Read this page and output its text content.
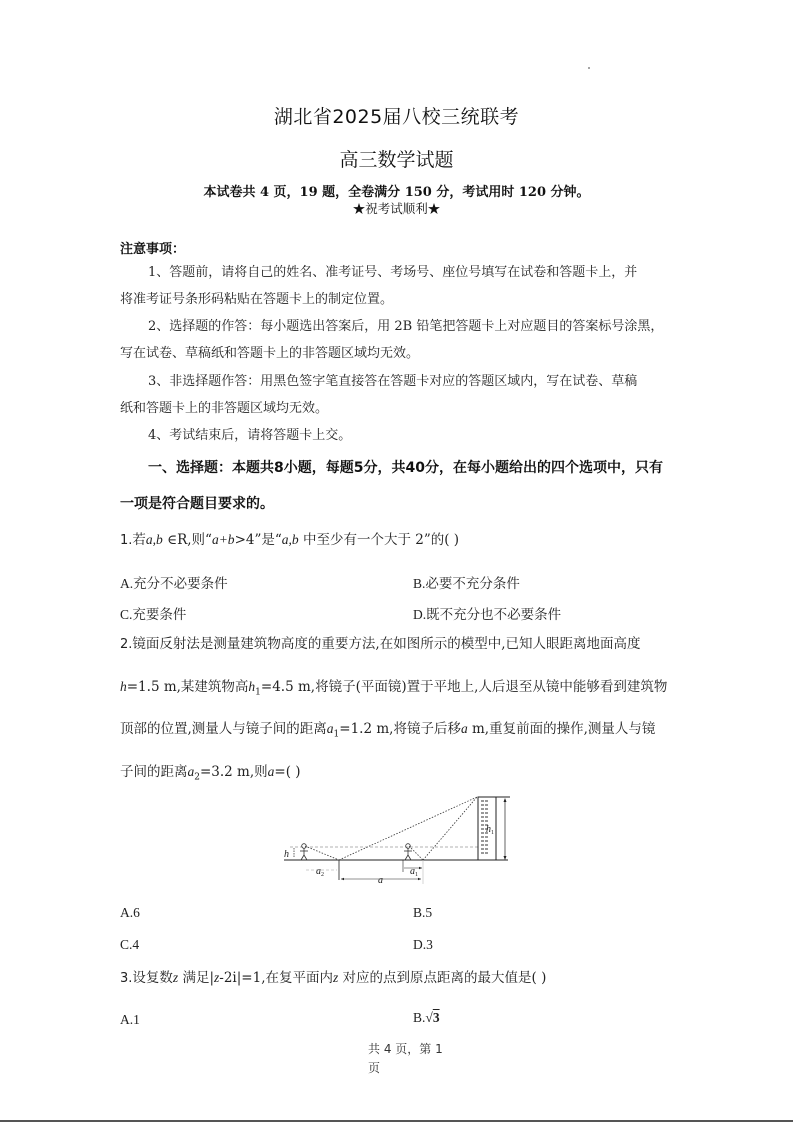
湖北省2025届八校三统联考
高三数学试题
本试卷共 4 页，19 题，全卷满分 150 分，考试用时 120 分钟。
★祝考试顺利★
注意事项：
1、答题前，请将自己的姓名、准考证号、考场号、座位号填写在试卷和答题卡上，并
将准考证号条形码粘贴在答题卡上的制定位置。
2、选择题的作答：每小题选出答案后，用 2B 铅笔把答题卡上对应题目的答案标号涂黑，
写在试卷、草稿纸和答题卡上的非答题区域均无效。
3、非选择题作答：用黑色签字笔直接答在答题卡对应的答题区域内，写在试卷、草稿
纸和答题卡上的非答题区域均无效。
4、考试结束后，请将答题卡上交。
一、选择题：本题共8小题，每题5分，共40分，在每小题给出的四个选项中，只有
一项是符合题目要求的。
1.若a,b ∈R,则“a+b>4”是“a,b 中至少有一个大于 2”的( )
A.充分不必要条件	B.必要不充分条件
C.充要条件	D.既不充分也不必要条件
2.镜面反射法是测量建筑物高度的重要方法,在如图所示的模型中,已知人眼距离地面高度
h=1.5 m,某建筑物高$h_1=4.5$ m,将镜子(平面镜)置于平地上,人后退至从镜中能够看到建筑物
顶部的位置,测量人与镜子间的距离$a_1=1.2$ m,将镜子后移a m,重复前面的操作,测量人与镜
子间的距离$a_2=3.2$ m,则a=( )
h
$h_1$
$a_2$	$a_1$
a
A.6	B.5
C.4	D.3
3.设复数z 满足|z-2i|=1,在复平面内z 对应的点到原点距离的最大值是( )
A.1	B.√3
共 4 页，第 1
页
